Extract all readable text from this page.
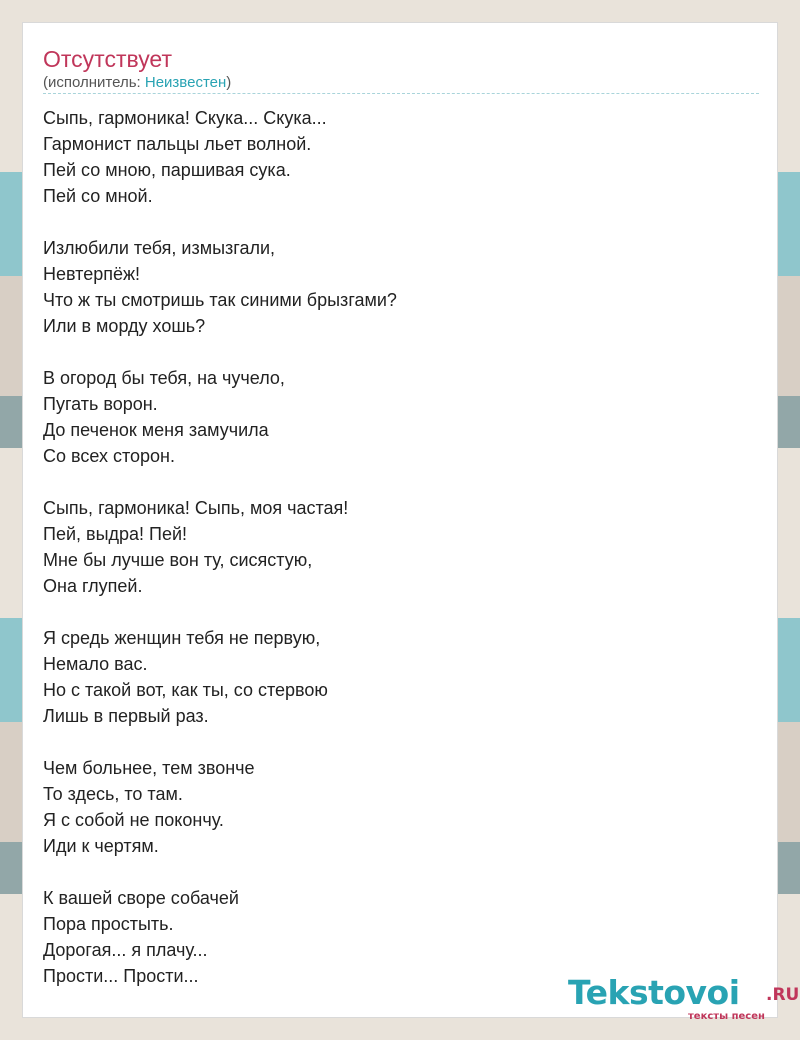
Отсутствует
(исполнитель: Неизвестен)
Сыпь, гармоника! Скука... Скука...
Гармонист пальцы льет волной.
Пей со мною, паршивая сука.
Пей со мной.
Излюбили тебя, измызгали,
Невтерпёж!
Что ж ты смотришь так синими брызгами?
Или в морду хошь?
В огород бы тебя, на чучело,
Пугать ворон.
До печенок меня замучила
Со всех сторон.
Сыпь, гармоника! Сыпь, моя частая!
Пей, выдра! Пей!
Мне бы лучше вон ту, сисястую,
Она глупей.
Я средь женщин тебя не первую,
Немало вас.
Но с такой вот, как ты, со стервою
Лишь в первый раз.
Чем больнее, тем звонче
То здесь, то там.
Я с собой не покончу.
Иди к чертям.
К вашей своре собачей
Пора простыть.
Дорогая... я плачу...
Прости... Прости...	Tekstovoi .RU
тексты песен
